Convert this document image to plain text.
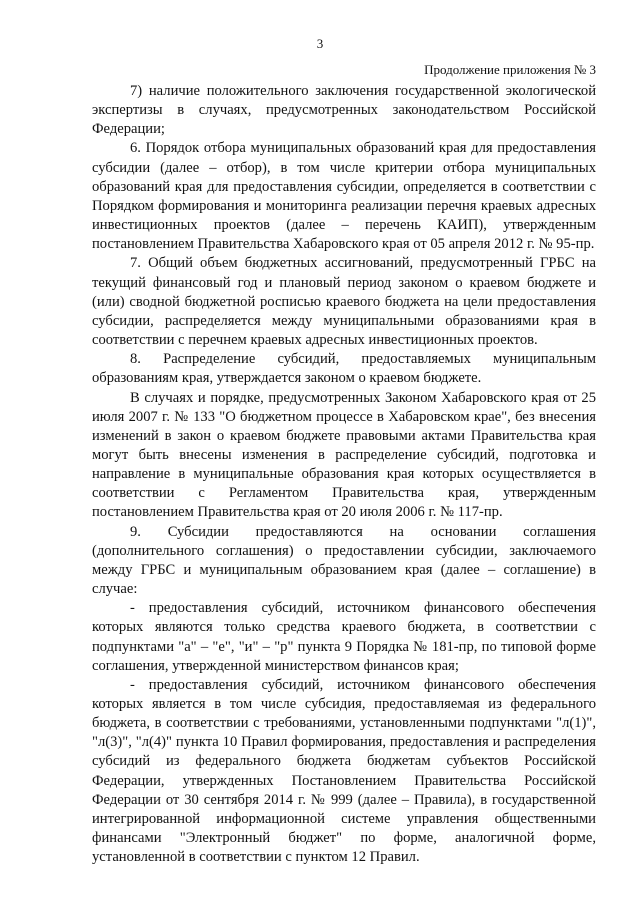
3
Продолжение приложения № 3

7) наличие положительного заключения государственной экологической экспертизы в случаях, предусмотренных законодательством Российской Федерации;

6. Порядок отбора муниципальных образований края для предоставления субсидии (далее – отбор), в том числе критерии отбора муниципальных образований края для предоставления субсидии, определяется в соответствии с Порядком формирования и мониторинга реализации перечня краевых адресных инвестиционных проектов (далее – перечень КАИП), утвержденным постановлением Правительства Хабаровского края от 05 апреля 2012 г. № 95-пр.

7. Общий объем бюджетных ассигнований, предусмотренный ГРБС на текущий финансовый год и плановый период законом о краевом бюджете и (или) сводной бюджетной росписью краевого бюджета на цели предоставления субсидии, распределяется между муниципальными образованиями края в соответствии с перечнем краевых адресных инвестиционных проектов.

8. Распределение субсидий, предоставляемых муниципальным образованиям края, утверждается законом о краевом бюджете.

В случаях и порядке, предусмотренных Законом Хабаровского края от 25 июля 2007 г. № 133 "О бюджетном процессе в Хабаровском крае", без внесения изменений в закон о краевом бюджете правовыми актами Правительства края могут быть внесены изменения в распределение субсидий, подготовка и направление в муниципальные образования края которых осуществляется в соответствии с Регламентом Правительства края, утвержденным постановлением Правительства края от 20 июля 2006 г. № 117-пр.

9. Субсидии предоставляются на основании соглашения (дополнительного соглашения) о предоставлении субсидии, заключаемого между ГРБС и муниципальным образованием края (далее – соглашение) в случае:

- предоставления субсидий, источником финансового обеспечения которых являются только средства краевого бюджета, в соответствии с подпунктами "а" – "е", "и" – "р" пункта 9 Порядка № 181-пр, по типовой форме соглашения, утвержденной министерством финансов края;

- предоставления субсидий, источником финансового обеспечения которых является в том числе субсидия, предоставляемая из федерального бюджета, в соответствии с требованиями, установленными подпунктами "л(1)", "л(3)", "л(4)" пункта 10 Правил формирования, предоставления и распределения субсидий из федерального бюджета бюджетам субъектов Российской Федерации, утвержденных Постановлением Правительства Российской Федерации от 30 сентября 2014 г. № 999 (далее – Правила), в государственной интегрированной информационной системе управления общественными финансами "Электронный бюджет" по форме, аналогичной форме, установленной в соответствии с пунктом 12 Правил.
